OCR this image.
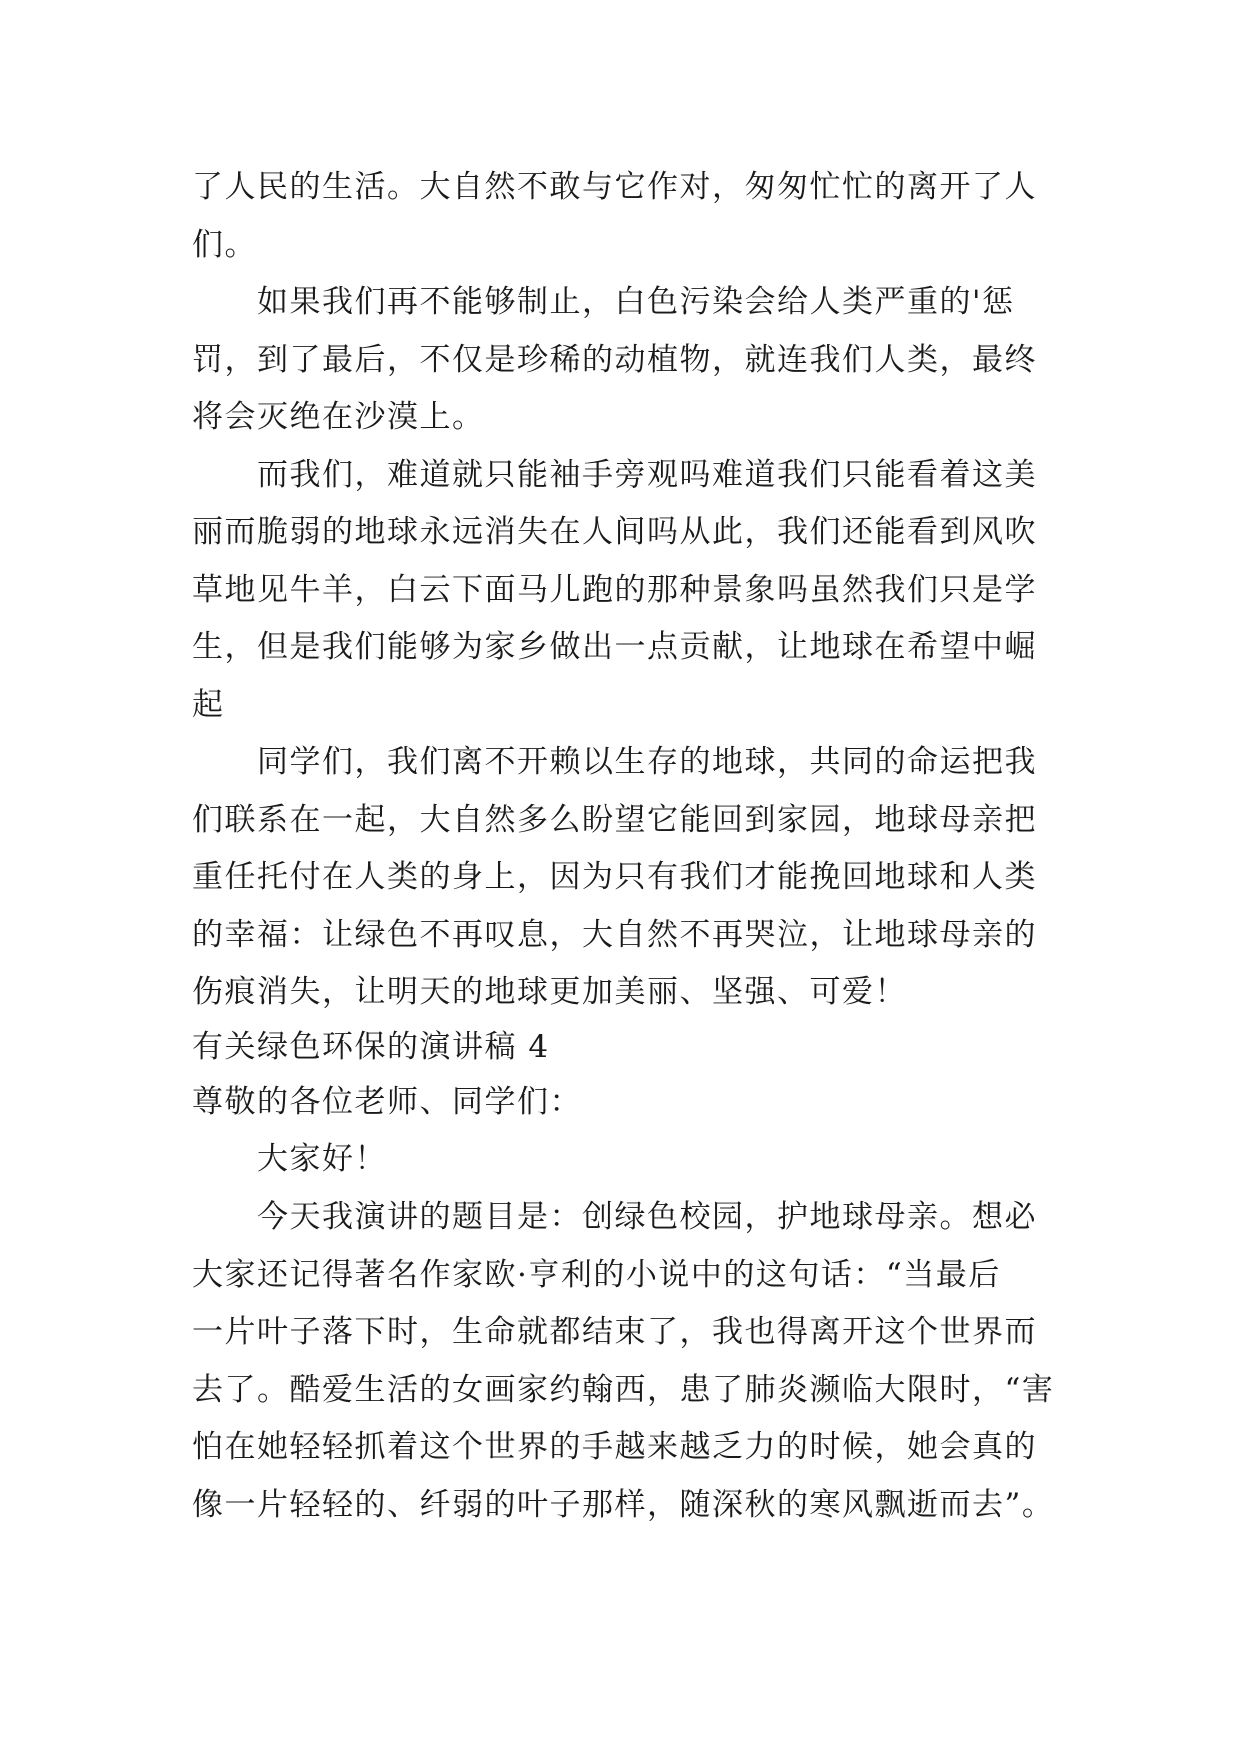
了人民的生活。大自然不敢与它作对，匆匆忙忙的离开了人
们。
　　如果我们再不能够制止，白色污染会给人类严重的'惩
罚，到了最后，不仅是珍稀的动植物，就连我们人类，最终
将会灭绝在沙漠上。
　　而我们，难道就只能袖手旁观吗难道我们只能看着这美
丽而脆弱的地球永远消失在人间吗从此，我们还能看到风吹
草地见牛羊，白云下面马儿跑的那种景象吗虽然我们只是学
生，但是我们能够为家乡做出一点贡献，让地球在希望中崛
起
　　同学们，我们离不开赖以生存的地球，共同的命运把我
们联系在一起，大自然多么盼望它能回到家园，地球母亲把
重任托付在人类的身上，因为只有我们才能挽回地球和人类
的幸福：让绿色不再叹息，大自然不再哭泣，让地球母亲的
伤痕消失，让明天的地球更加美丽、坚强、可爱！
有关绿色环保的演讲稿 4
尊敬的各位老师、同学们：
　　大家好！
　　今天我演讲的题目是：创绿色校园，护地球母亲。想必
大家还记得著名作家欧·亨利的小说中的这句话：“当最后
一片叶子落下时，生命就都结束了，我也得离开这个世界而
去了。酷爱生活的女画家约翰西，患了肺炎濒临大限时，“害
怕在她轻轻抓着这个世界的手越来越乏力的时候，她会真的
像一片轻轻的、纤弱的叶子那样，随深秋的寒风飘逝而去”。
